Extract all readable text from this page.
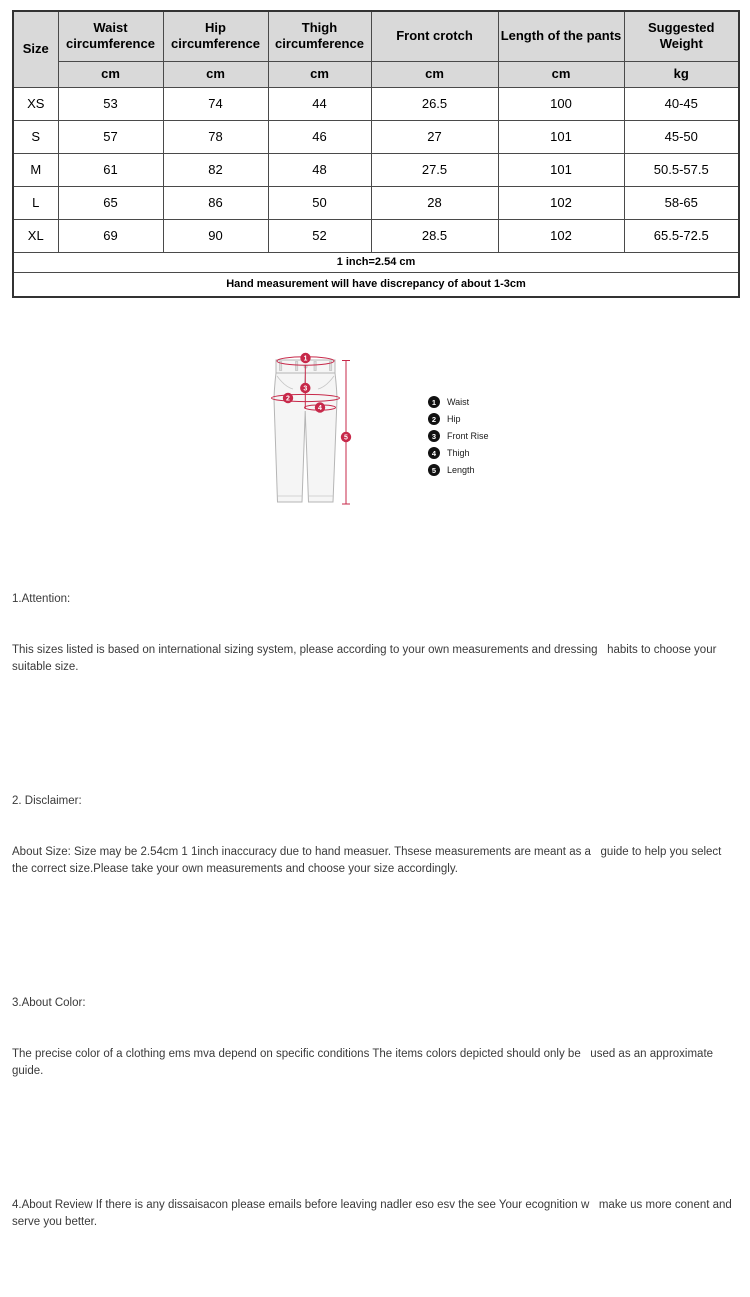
Size	Waist circumference	Hip circumference	Thigh circumference	Front crotch	Length of the pants	Suggested Weight
	cm	cm	cm	cm	cm	kg
XS	53	74	44	26.5	100	40-45
S	57	78	46	27	101	45-50
M	61	82	48	27.5	101	50.5-57.5
L	65	86	50	28	102	58-65
XL	69	90	52	28.5	102	65.5-72.5
1 inch=2.54 cm						
Hand measurement will have discrepancy of about 1-3cm						
1
2
3
4
5
1	Waist
2	Hip
3	Front Rise
4	Thigh
5	Length

1.Attention:

This sizes listed is based on international sizing system, please according to your own measurements and dressing   habits to choose your suitable size.

2. Disclaimer:

About Size: Size may be 2.54cm 1 1inch inaccuracy due to hand measuer. Thsese measurements are meant as a   guide to help you select the correct size.Please take your own measurements and choose your size accordingly.

3.About Color:

The precise color of a clothing ems mva depend on specific conditions The items colors depicted should only be   used as an approximate guide.

4.About Review If there is any dissaisacon please emails before leaving nadler eso esv the see Your ecognition w   make us more conent and serve you better.
